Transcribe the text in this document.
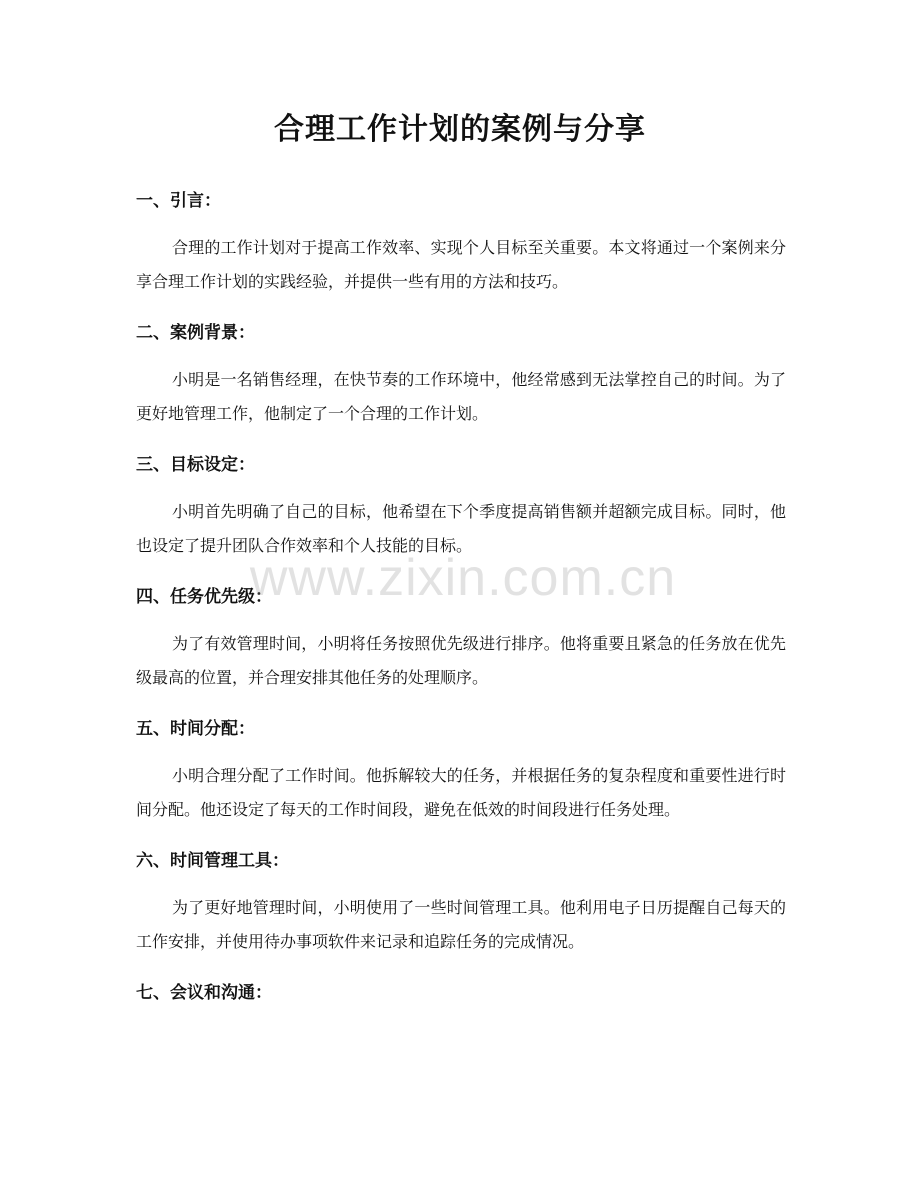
合理工作计划的案例与分享

一、引言：

合理的工作计划对于提高工作效率、实现个人目标至关重要。本文将通过一个案例来分享合理工作计划的实践经验，并提供一些有用的方法和技巧。

二、案例背景：

小明是一名销售经理，在快节奏的工作环境中，他经常感到无法掌控自己的时间。为了更好地管理工作，他制定了一个合理的工作计划。

三、目标设定：

小明首先明确了自己的目标，他希望在下个季度提高销售额并超额完成目标。同时，他也设定了提升团队合作效率和个人技能的目标。

四、任务优先级：

为了有效管理时间，小明将任务按照优先级进行排序。他将重要且紧急的任务放在优先级最高的位置，并合理安排其他任务的处理顺序。

五、时间分配：

小明合理分配了工作时间。他拆解较大的任务，并根据任务的复杂程度和重要性进行时间分配。他还设定了每天的工作时间段，避免在低效的时间段进行任务处理。

六、时间管理工具：

为了更好地管理时间，小明使用了一些时间管理工具。他利用电子日历提醒自己每天的工作安排，并使用待办事项软件来记录和追踪任务的完成情况。

七、会议和沟通：

www.zixin.com.cn
